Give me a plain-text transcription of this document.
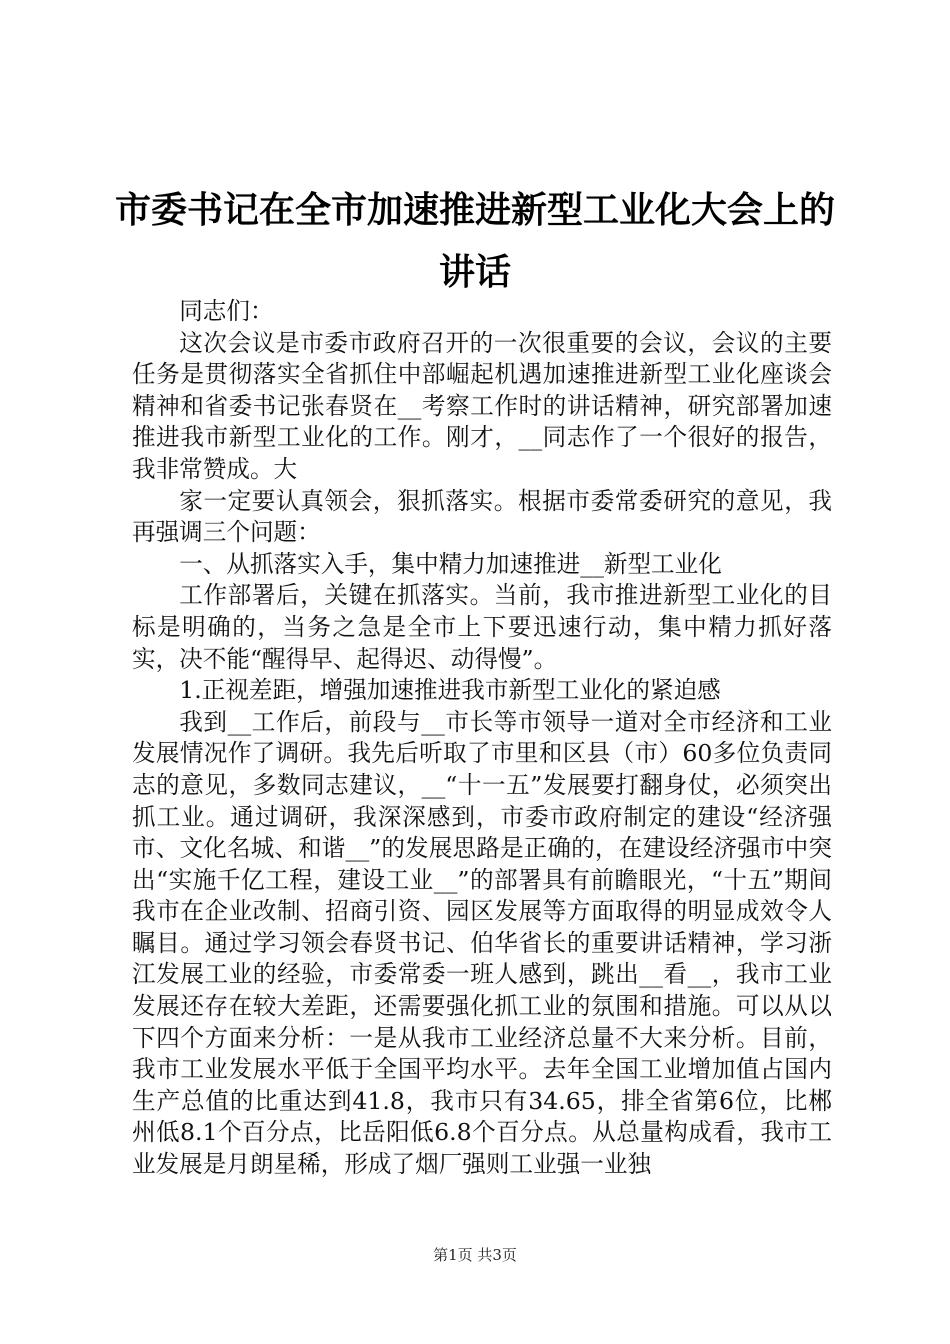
市委书记在全市加速推进新型工业化大会上的
讲话

同志们：

这次会议是市委市政府召开的一次很重要的会议，会议的主要任务是贯彻落实全省抓住中部崛起机遇加速推进新型工业化座谈会精神和省委书记张春贤在__考察工作时的讲话精神，研究部署加速推进我市新型工业化的工作。刚才，__同志作了一个很好的报告，我非常赞成。大

家一定要认真领会，狠抓落实。根据市委常委研究的意见，我再强调三个问题：

一、从抓落实入手，集中精力加速推进__新型工业化

工作部署后，关键在抓落实。当前，我市推进新型工业化的目标是明确的，当务之急是全市上下要迅速行动，集中精力抓好落实，决不能“醒得早、起得迟、动得慢”。

1.正视差距，增强加速推进我市新型工业化的紧迫感

我到__工作后，前段与__市长等市领导一道对全市经济和工业发展情况作了调研。我先后听取了市里和区县（市）60多位负责同志的意见，多数同志建议，__“十一五”发展要打翻身仗，必须突出抓工业。通过调研，我深深感到，市委市政府制定的建设“经济强市、文化名城、和谐__”的发展思路是正确的，在建设经济强市中突出“实施千亿工程，建设工业__”的部署具有前瞻眼光，“十五”期间我市在企业改制、招商引资、园区发展等方面取得的明显成效令人瞩目。通过学习领会春贤书记、伯华省长的重要讲话精神，学习浙江发展工业的经验，市委常委一班人感到，跳出__看__，我市工业发展还存在较大差距，还需要强化抓工业的氛围和措施。可以从以下四个方面来分析：一是从我市工业经济总量不大来分析。目前，我市工业发展水平低于全国平均水平。去年全国工业增加值占国内生产总值的比重达到41.8，我市只有34.65，排全省第6位，比郴州低8.1个百分点，比岳阳低6.8个百分点。从总量构成看，我市工业发展是月朗星稀，形成了烟厂强则工业强一业独

第1页 共3页
